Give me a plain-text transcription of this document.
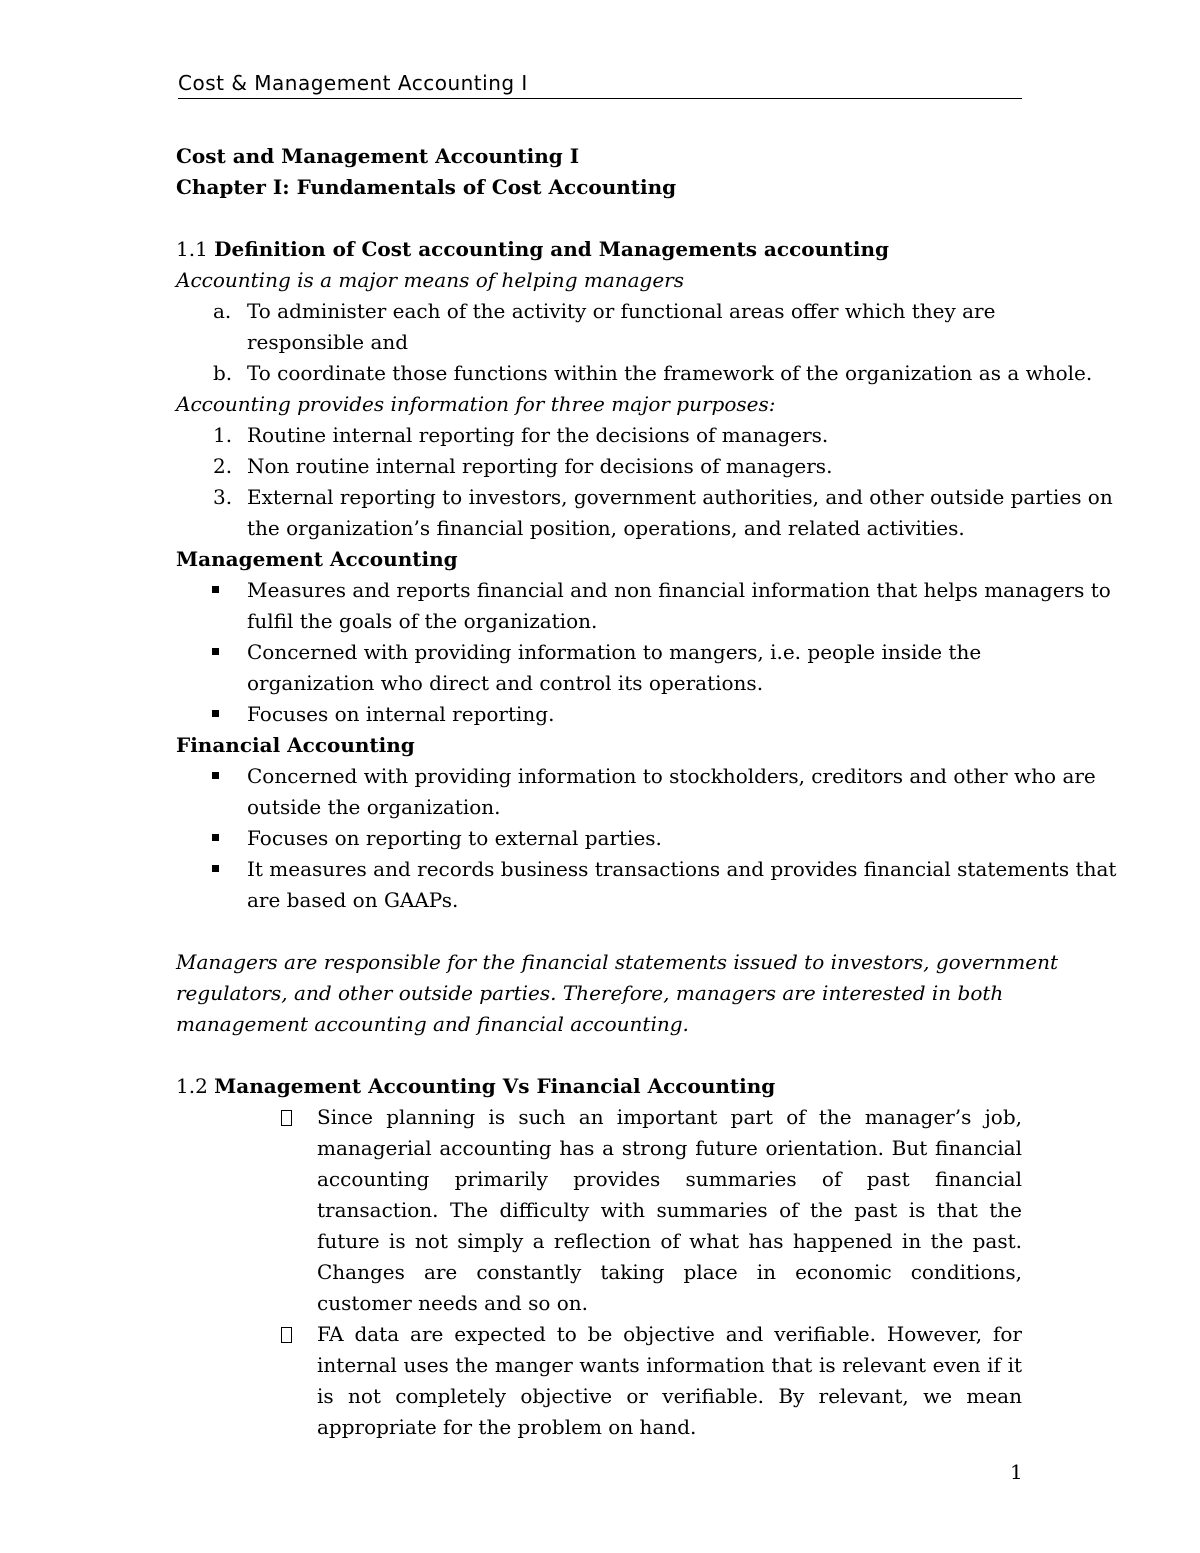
Cost & Management Accounting I
Cost and Management Accounting I
Chapter I: Fundamentals of Cost Accounting
1.1 Definition of Cost accounting and Managements accounting
Accounting is a major means of helping managers
a. To administer each of the activity or functional areas offer which they are
responsible and
b. To coordinate those functions within the framework of the organization as a whole.
Accounting provides information for three major purposes:
1. Routine internal reporting for the decisions of managers.
2. Non routine internal reporting for decisions of managers.
3. External reporting to investors, government authorities, and other outside parties on
the organization’s financial position, operations, and related activities.
Management Accounting
Measures and reports financial and non financial information that helps managers to
fulfil the goals of the organization.
Concerned with providing information to mangers, i.e. people inside the
organization who direct and control its operations.
Focuses on internal reporting.
Financial Accounting
Concerned with providing information to stockholders, creditors and other who are
outside the organization.
Focuses on reporting to external parties.
It measures and records business transactions and provides financial statements that
are based on GAAPs.
Managers are responsible for the financial statements issued to investors, government
regulators, and other outside parties. Therefore, managers are interested in both
management accounting and financial accounting.
1.2 Management Accounting Vs Financial Accounting
Since planning is such an important part of the manager’s job, managerial accounting has a strong future orientation. But financial accounting primarily provides summaries of past financial transaction. The difficulty with summaries of the past is that the future is not simply a reflection of what has happened in the past. Changes are constantly taking place in economic conditions, customer needs and so on.
FA data are expected to be objective and verifiable. However, for internal uses the manger wants information that is relevant even if it is not completely objective or verifiable. By relevant, we mean appropriate for the problem on hand.
1
